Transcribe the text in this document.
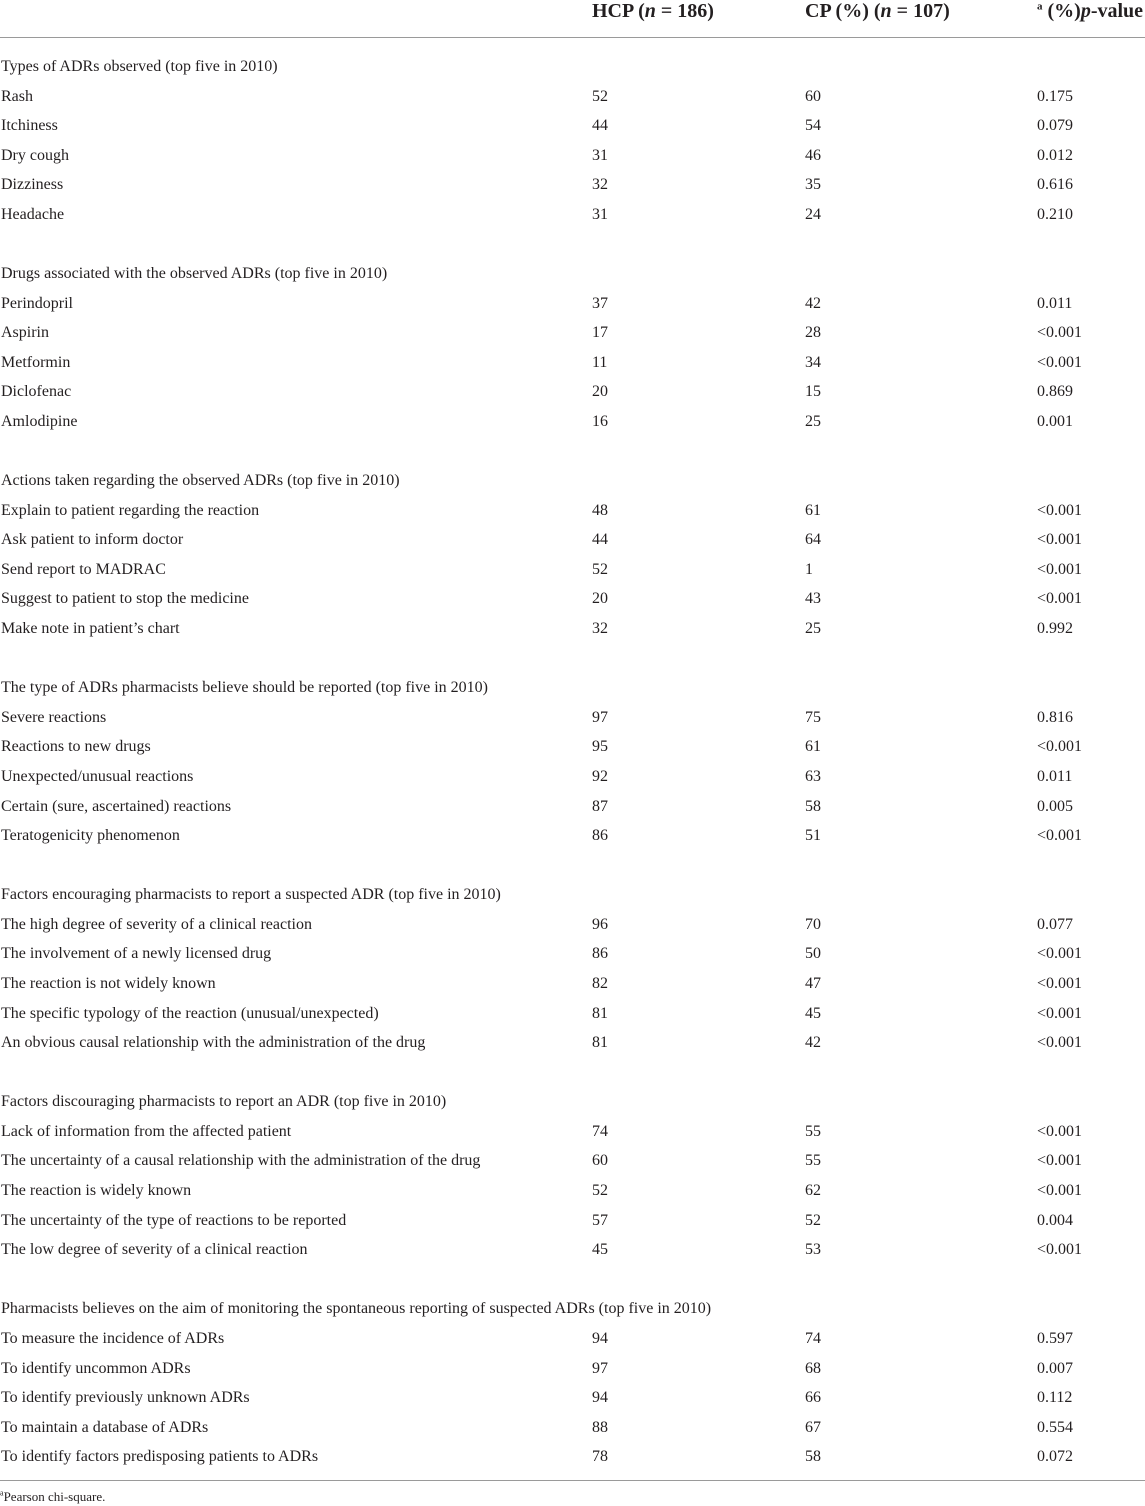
HCP (n = 186)	CP (%) (n = 107)	$^a$ (%)p-value
Types of ADRs observed (top five in 2010)
Rash	52	60	0.175
Itchiness	44	54	0.079
Dry cough	31	46	0.012
Dizziness	32	35	0.616
Headache	31	24	0.210
Drugs associated with the observed ADRs (top five in 2010)
Perindopril	37	42	0.011
Aspirin	17	28	<0.001
Metformin	11	34	<0.001
Diclofenac	20	15	0.869
Amlodipine	16	25	0.001
Actions taken regarding the observed ADRs (top five in 2010)
Explain to patient regarding the reaction	48	61	<0.001
Ask patient to inform doctor	44	64	<0.001
Send report to MADRAC	52	1	<0.001
Suggest to patient to stop the medicine	20	43	<0.001
Make note in patient’s chart	32	25	0.992
The type of ADRs pharmacists believe should be reported (top five in 2010)
Severe reactions	97	75	0.816
Reactions to new drugs	95	61	<0.001
Unexpected/unusual reactions	92	63	0.011
Certain (sure, ascertained) reactions	87	58	0.005
Teratogenicity phenomenon	86	51	<0.001
Factors encouraging pharmacists to report a suspected ADR (top five in 2010)
The high degree of severity of a clinical reaction	96	70	0.077
The involvement of a newly licensed drug	86	50	<0.001
The reaction is not widely known	82	47	<0.001
The specific typology of the reaction (unusual/unexpected)	81	45	<0.001
An obvious causal relationship with the administration of the drug	81	42	<0.001
Factors discouraging pharmacists to report an ADR (top five in 2010)
Lack of information from the affected patient	74	55	<0.001
The uncertainty of a causal relationship with the administration of the drug	60	55	<0.001
The reaction is widely known	52	62	<0.001
The uncertainty of the type of reactions to be reported	57	52	0.004
The low degree of severity of a clinical reaction	45	53	<0.001
Pharmacists believes on the aim of monitoring the spontaneous reporting of suspected ADRs (top five in 2010)
To measure the incidence of ADRs	94	74	0.597
To identify uncommon ADRs	97	68	0.007
To identify previously unknown ADRs	94	66	0.112
To maintain a database of ADRs	88	67	0.554
To identify factors predisposing patients to ADRs	78	58	0.072
$^a$Pearson chi-square.
